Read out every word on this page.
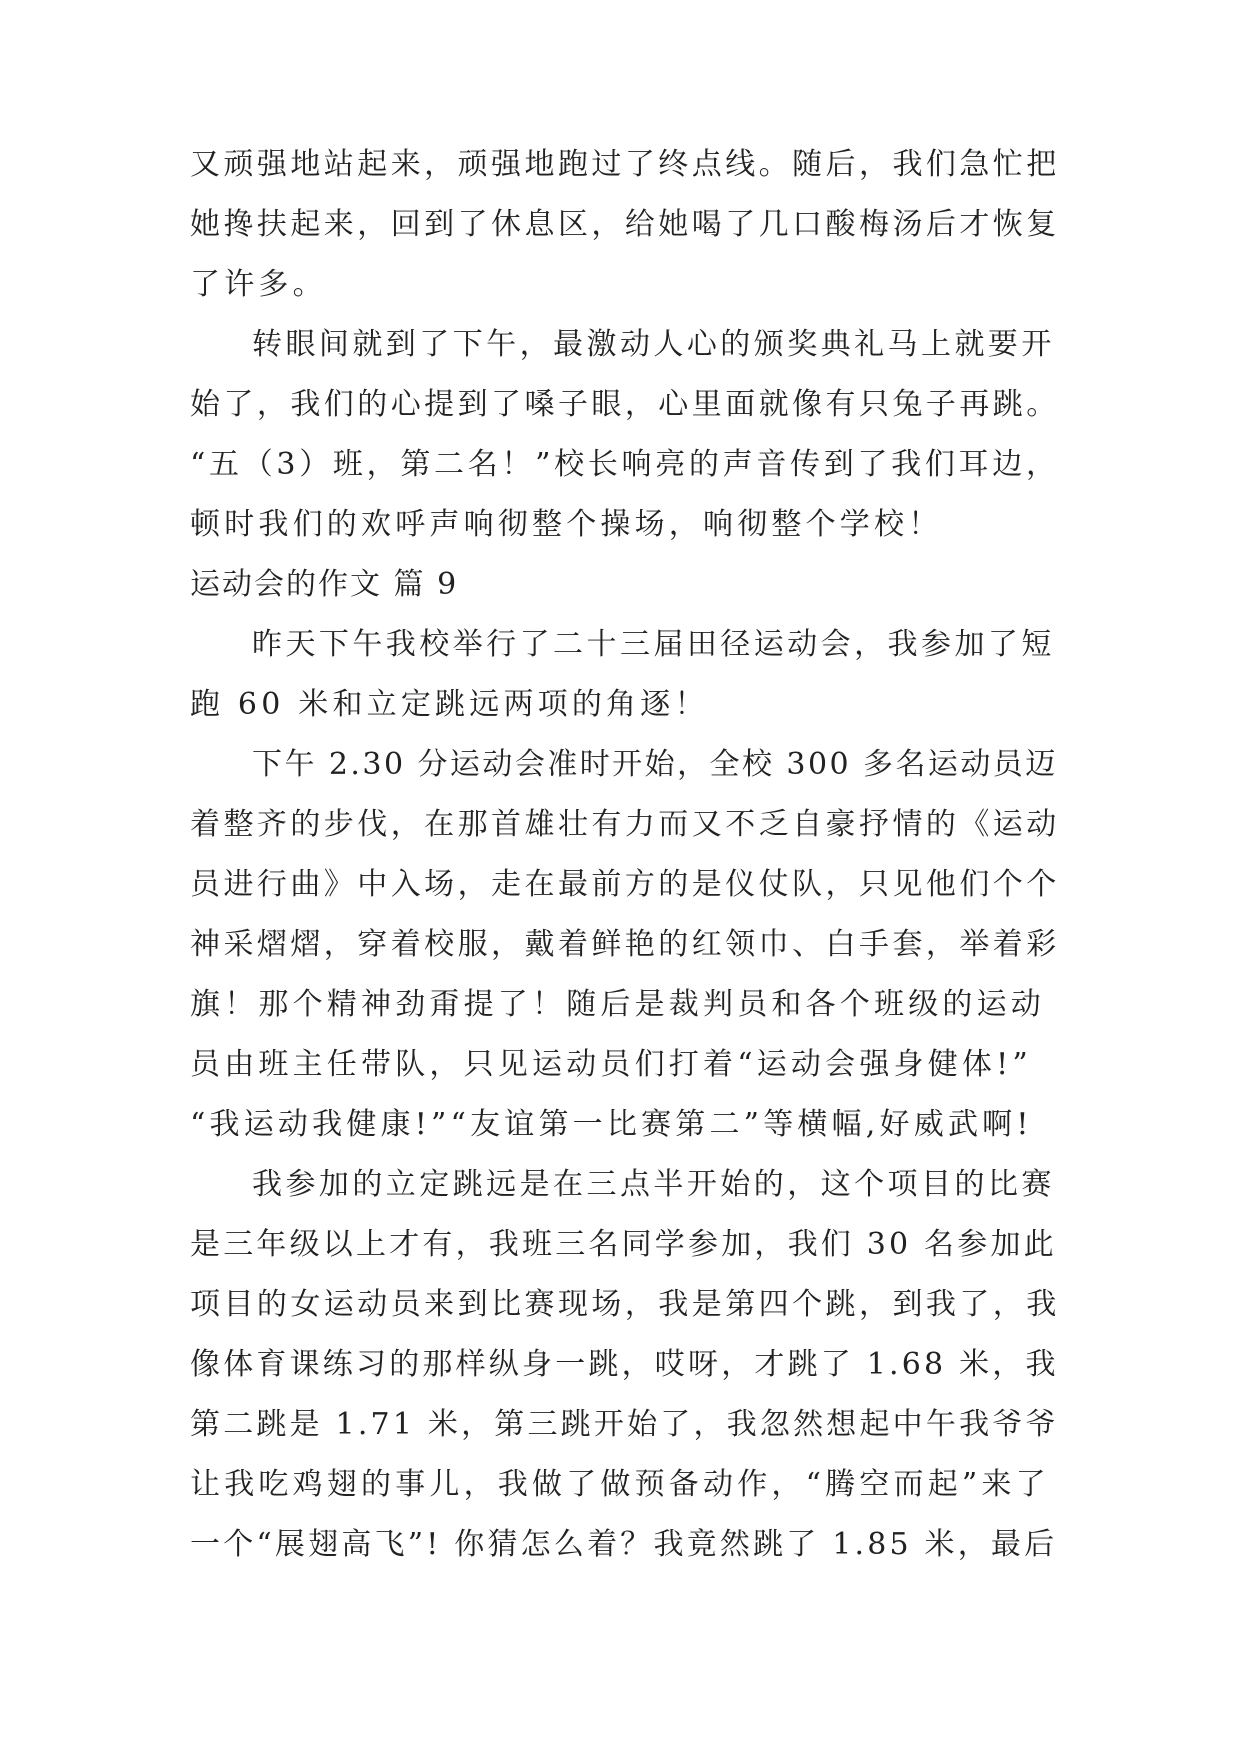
又顽强地站起来，顽强地跑过了终点线。随后，我们急忙把
她搀扶起来，回到了休息区，给她喝了几口酸梅汤后才恢复
了许多。
转眼间就到了下午，最激动人心的颁奖典礼马上就要开
始了，我们的心提到了嗓子眼，心里面就像有只兔子再跳。
“五（3）班，第二名！”校长响亮的声音传到了我们耳边，
顿时我们的欢呼声响彻整个操场，响彻整个学校！
运动会的作文 篇 9
昨天下午我校举行了二十三届田径运动会，我参加了短
跑 60 米和立定跳远两项的角逐！
下午 2.30 分运动会准时开始，全校 300 多名运动员迈
着整齐的步伐，在那首雄壮有力而又不乏自豪抒情的《运动
员进行曲》中入场，走在最前方的是仪仗队，只见他们个个
神采熠熠，穿着校服，戴着鲜艳的红领巾、白手套，举着彩
旗！那个精神劲甭提了！随后是裁判员和各个班级的运动
员由班主任带队，只见运动员们打着“运动会强身健体!”
“我运动我健康!”“友谊第一比赛第二”等横幅,好威武啊!
我参加的立定跳远是在三点半开始的，这个项目的比赛
是三年级以上才有，我班三名同学参加，我们 30 名参加此
项目的女运动员来到比赛现场，我是第四个跳，到我了，我
像体育课练习的那样纵身一跳，哎呀，才跳了 1.68 米，我
第二跳是 1.71 米，第三跳开始了，我忽然想起中午我爷爷
让我吃鸡翅的事儿，我做了做预备动作，“腾空而起”来了
一个“展翅高飞”! 你猜怎么着？我竟然跳了 1.85 米，最后
